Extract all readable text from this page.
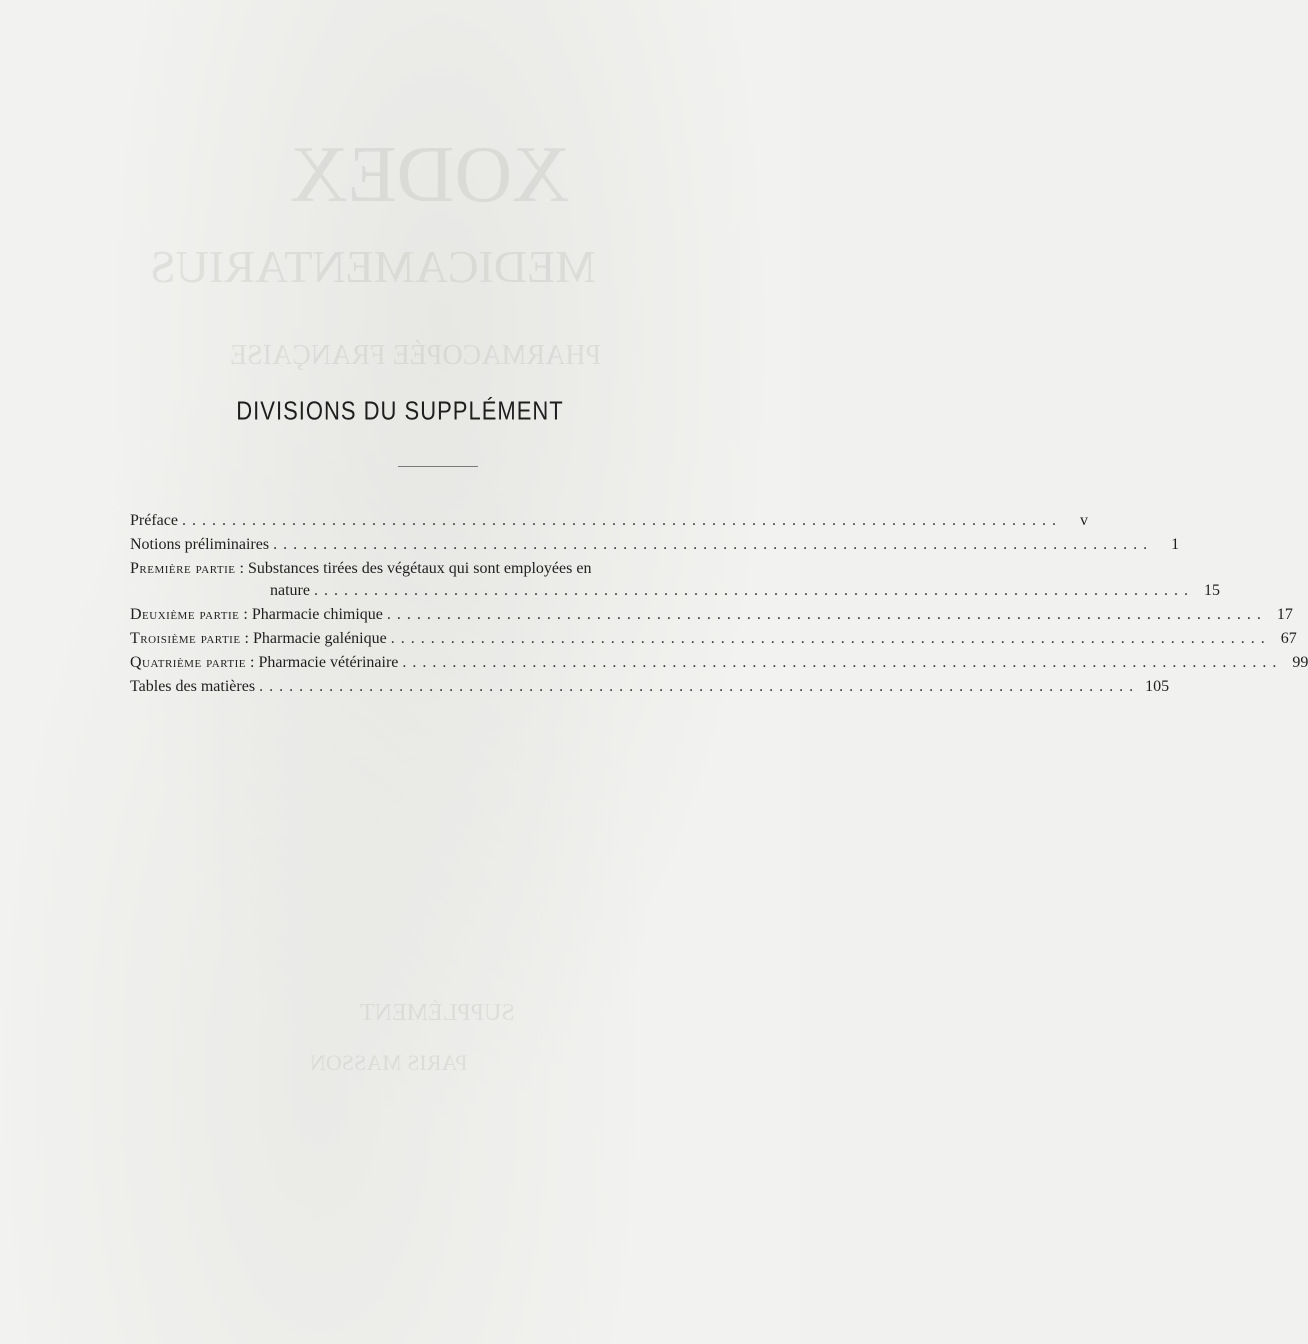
XODEX
MEDICAMENTARIUS
PHARMACOPÉE FRANÇAISE
SUPPLÉMENT
PARIS MASSON
DIVISIONS DU SUPPLÉMENT
Préface ........................................................................................	v
Notions préliminaires ........................................................................................	1
Première partie : Substances tirées des végétaux qui sont employées en
nature ........................................................................................ 15
Deuxième partie : Pharmacie chimique ........................................................................................ 17
Troisième partie : Pharmacie galénique ........................................................................................ 67
Quatrième partie : Pharmacie vétérinaire ........................................................................................ 99
Tables des matières ........................................................................................ 105
